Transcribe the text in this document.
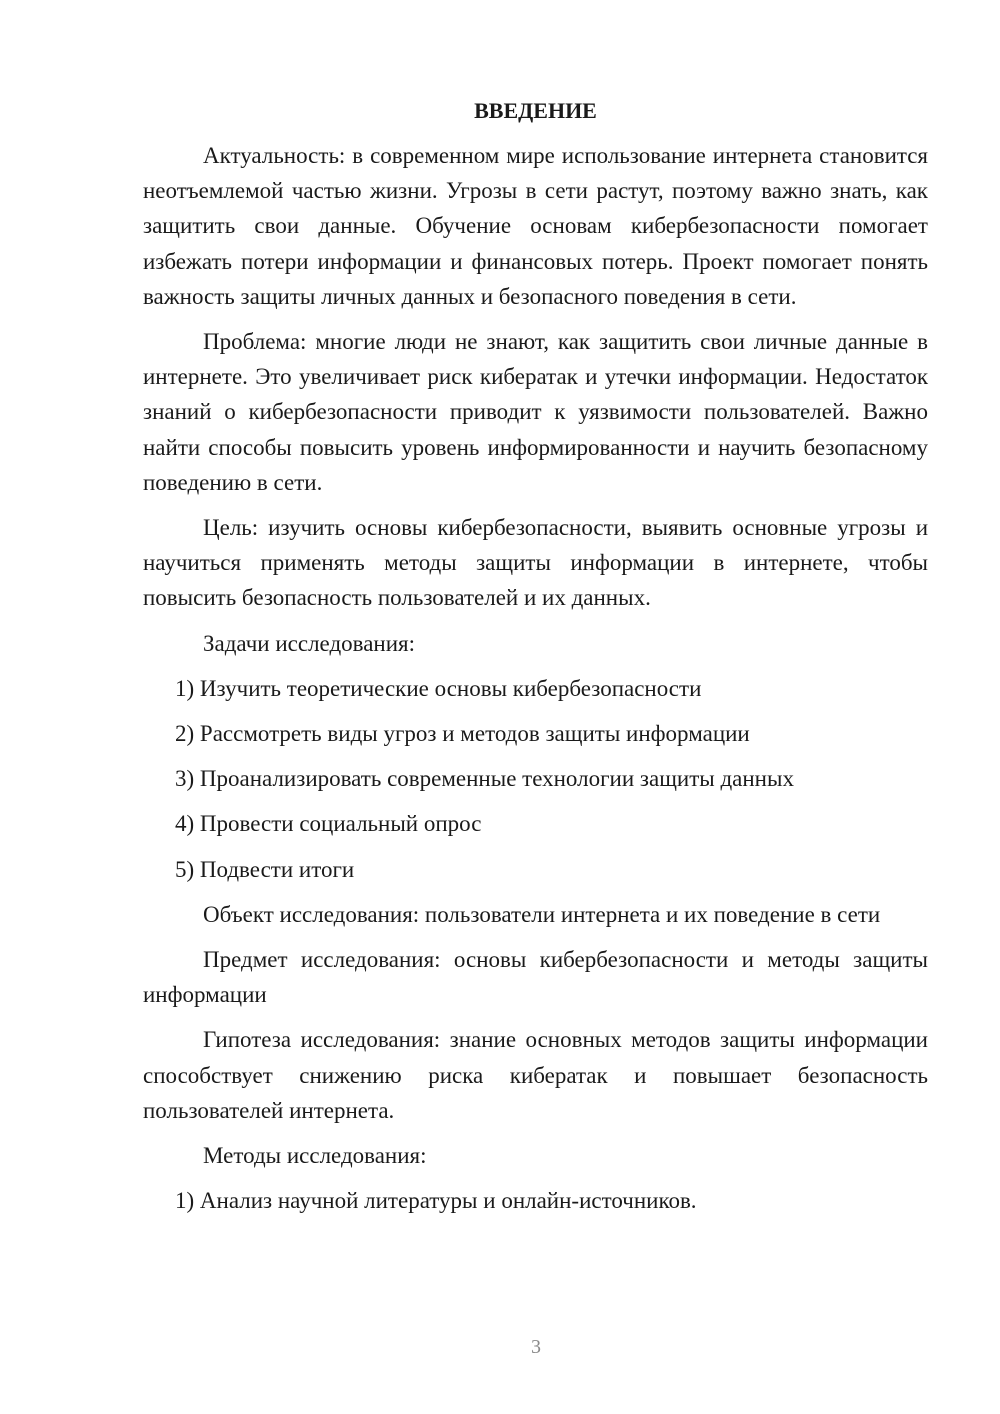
ВВЕДЕНИЕ

Актуальность: в современном мире использование интернета становится неотъемлемой частью жизни. Угрозы в сети растут, поэтому важно знать, как защитить свои данные. Обучение основам кибербезопасности помогает избежать потери информации и финансовых потерь. Проект помогает понять важность защиты личных данных и безопасного поведения в сети.

Проблема: многие люди не знают, как защитить свои личные данные в интернете. Это увеличивает риск кибератак и утечки информации. Недостаток знаний о кибербезопасности приводит к уязвимости пользователей. Важно найти способы повысить уровень информированности и научить безопасному поведению в сети.

Цель: изучить основы кибербезопасности, выявить основные угрозы и научиться применять методы защиты информации в интернете, чтобы повысить безопасность пользователей и их данных.

Задачи исследования:
1) Изучить теоретические основы кибербезопасности
2) Рассмотреть виды угроз и методов защиты информации
3) Проанализировать современные технологии защиты данных
4) Провести социальный опрос
5) Подвести итоги

Объект исследования: пользователи интернета и их поведение в сети

Предмет исследования: основы кибербезопасности и методы защиты информации

Гипотеза исследования: знание основных методов защиты информации способствует снижению риска кибератак и повышает безопасность пользователей интернета.

Методы исследования:
1) Анализ научной литературы и онлайн-источников.
3
